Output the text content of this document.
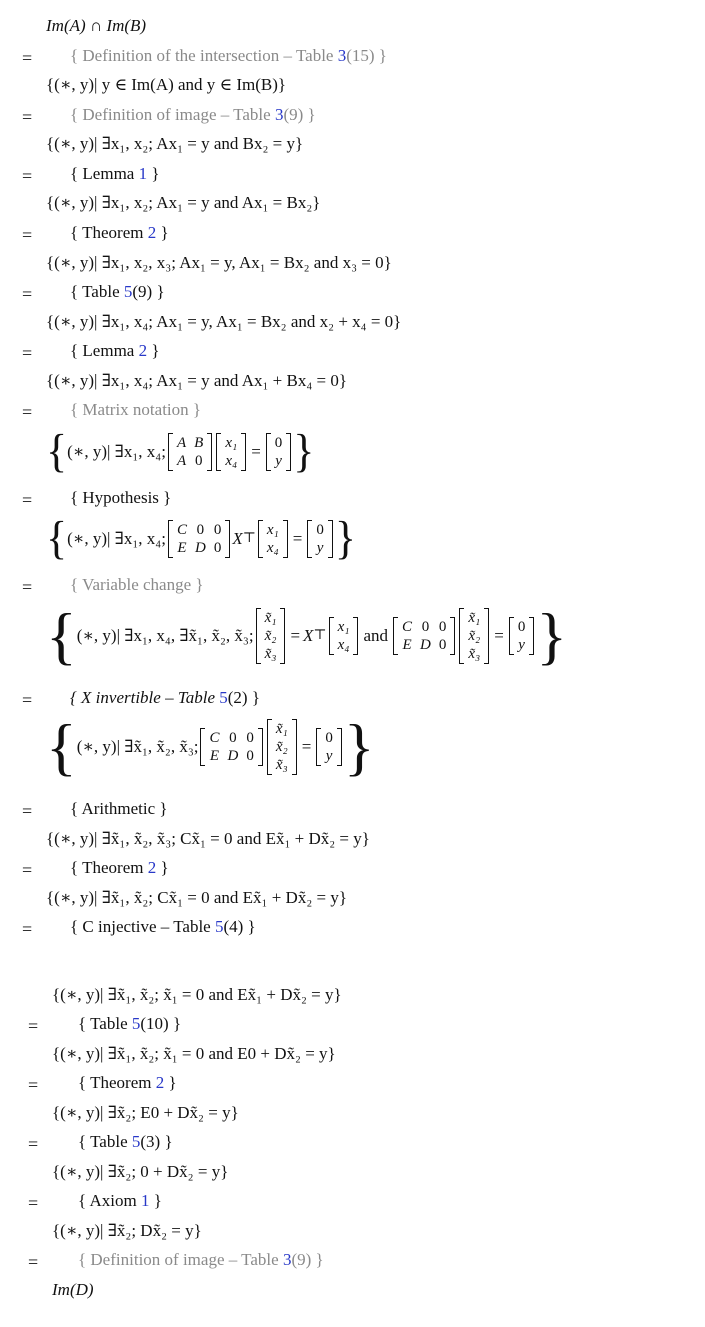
Im(A) ∩ Im(B)
= { Definition of the intersection – Table 3(15) }
{(∗, y)| y ∈ Im(A) and y ∈ Im(B)}
= { Definition of image – Table 3(9) }
{(∗, y)| ∃x₁, x₂; Ax₁ = y and Bx₂ = y}
= { Lemma 1 }
{(∗, y)| ∃x₁, x₂; Ax₁ = y and Ax₁ = Bx₂}
= { Theorem 2 }
{(∗, y)| ∃x₁, x₂, x₃; Ax₁ = y, Ax₁ = Bx₂ and x₃ = 0}
= { Table 5(9) }
{(∗, y)| ∃x₁, x₄; Ax₁ = y, Ax₁ = Bx₂ and x₂ + x₄ = 0}
= { Lemma 2 }
{(∗, y)| ∃x₁, x₄; Ax₁ = y and Ax₁ + Bx₄ = 0}
= { Matrix notation }
{ (∗, y)| ∃x₁, x₄; A	B
A	0
x₁
x₄ = 0
y }
= { Hypothesis }
{ (∗, y)| ∃x₁, x₄; C	0	0
E	D	0 X ⊤
x₁
x₄ = 0
y }
= { Variable change }
{ (∗, y)| ∃x₁, x₄, ∃x̃₁, x̃₂, x̃₃;
x̃₁
x̃₂
x̃₃
= X ⊤
x₁
x₄ and C	0	0
E	D	0
x̃₁
x̃₂
x̃₃
= 0
y }
= { X invertible – Table 5(2) }
{ (∗, y)| ∃x̃₁, x̃₂, x̃₃; C	0	0
E	D	0
x̃₁
x̃₂
x̃₃
= 0
y }
= { Arithmetic }
{(∗, y)| ∃x̃₁, x̃₂, x̃₃; Cx̃₁ = 0 and Ex̃₁ + Dx̃₂ = y}
= { Theorem 2 }
{(∗, y)| ∃x̃₁, x̃₂; Cx̃₁ = 0 and Ex̃₁ + Dx̃₂ = y}
= { C injective – Table 5(4) }
{(∗, y)| ∃x̃₁, x̃₂; x̃₁ = 0 and Ex̃₁ + Dx̃₂ = y}
= { Table 5(10) }
{(∗, y)| ∃x̃₁, x̃₂; x̃₁ = 0 and E0 + Dx̃₂ = y}
= { Theorem 2 }
{(∗, y)| ∃x̃₂; E0 + Dx̃₂ = y}
= { Table 5(3) }
{(∗, y)| ∃x̃₂; 0 + Dx̃₂ = y}
= { Axiom 1 }
{(∗, y)| ∃x̃₂; Dx̃₂ = y}
= { Definition of image – Table 3(9) }
Im(D)
